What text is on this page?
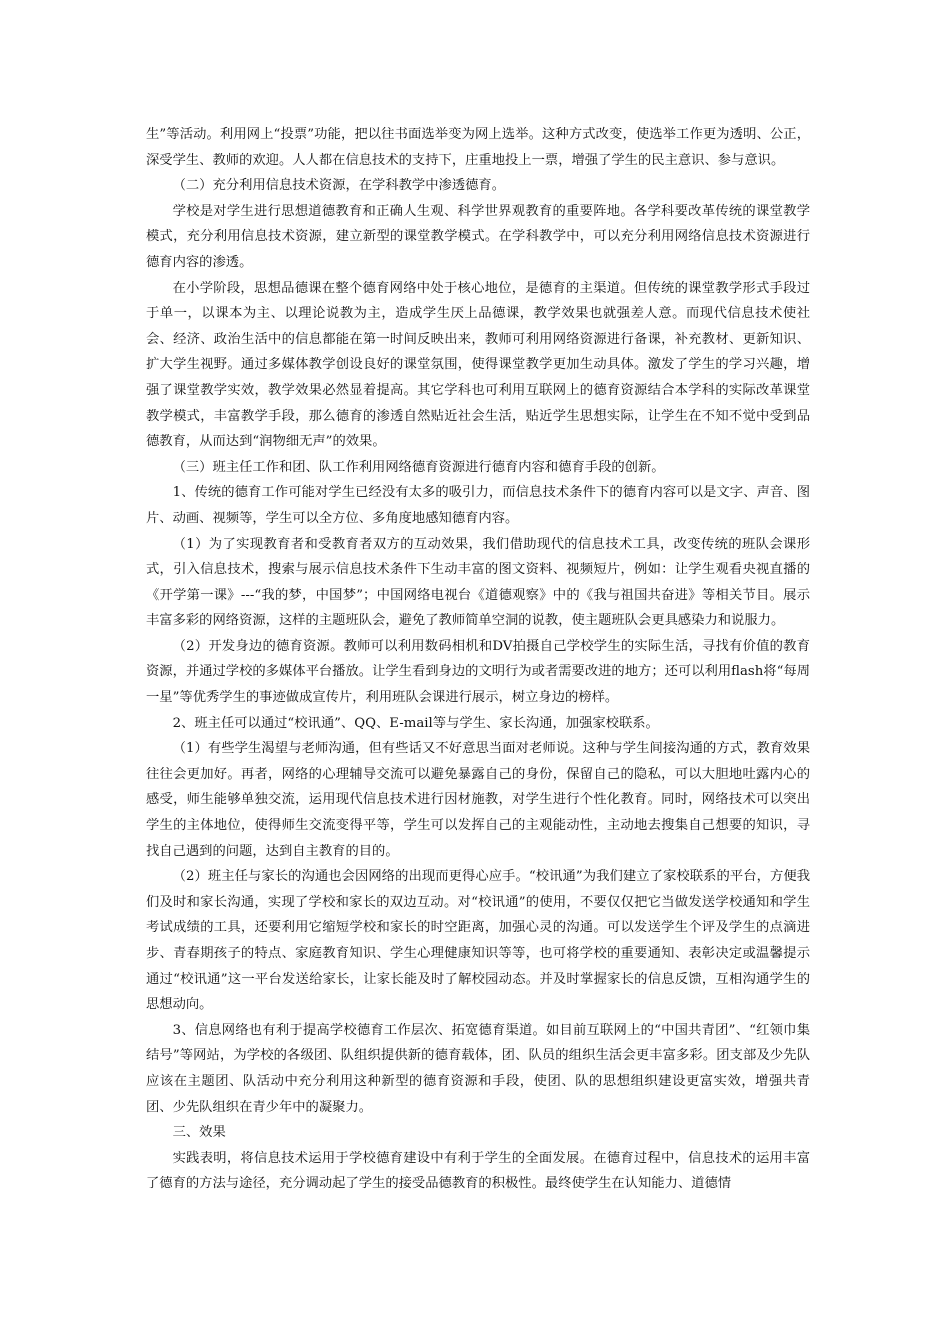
生”等活动。利用网上“投票”功能，把以往书面选举变为网上选举。这种方式改变，使选举工作更为透明、公正，深受学生、教师的欢迎。人人都在信息技术的支持下，庄重地投上一票，增强了学生的民主意识、参与意识。

（二）充分利用信息技术资源，在学科教学中渗透德育。

学校是对学生进行思想道德教育和正确人生观、科学世界观教育的重要阵地。各学科要改革传统的课堂教学模式，充分利用信息技术资源，建立新型的课堂教学模式。在学科教学中，可以充分利用网络信息技术资源进行德育内容的渗透。

在小学阶段，思想品德课在整个德育网络中处于核心地位，是德育的主渠道。但传统的课堂教学形式手段过于单一，以课本为主、以理论说教为主，造成学生厌上品德课，教学效果也就强差人意。而现代信息技术使社会、经济、政治生活中的信息都能在第一时间反映出来，教师可利用网络资源进行备课，补充教材、更新知识、扩大学生视野。通过多媒体教学创设良好的课堂氛围，使得课堂教学更加生动具体。激发了学生的学习兴趣，增强了课堂教学实效，教学效果必然显着提高。其它学科也可利用互联网上的德育资源结合本学科的实际改革课堂教学模式，丰富教学手段，那么德育的渗透自然贴近社会生活，贴近学生思想实际，让学生在不知不觉中受到品德教育，从而达到“润物细无声”的效果。

（三）班主任工作和团、队工作利用网络德育资源进行德育内容和德育手段的创新。

1、传统的德育工作可能对学生已经没有太多的吸引力，而信息技术条件下的德育内容可以是文字、声音、图片、动画、视频等，学生可以全方位、多角度地感知德育内容。

（1）为了实现教育者和受教育者双方的互动效果，我们借助现代的信息技术工具，改变传统的班队会课形式，引入信息技术，搜索与展示信息技术条件下生动丰富的图文资料、视频短片，例如：让学生观看央视直播的《开学第一课》---“我的梦，中国梦”；中国网络电视台《道德观察》中的《我与祖国共奋进》等相关节目。展示丰富多彩的网络资源，这样的主题班队会，避免了教师简单空洞的说教，使主题班队会更具感染力和说服力。

（2）开发身边的德育资源。教师可以利用数码相机和DV拍摄自己学校学生的实际生活，寻找有价值的教育资源，并通过学校的多媒体平台播放。让学生看到身边的文明行为或者需要改进的地方；还可以利用flash将“每周一星”等优秀学生的事迹做成宣传片，利用班队会课进行展示，树立身边的榜样。

2、班主任可以通过“校讯通”、QQ、E-mail等与学生、家长沟通，加强家校联系。

（1）有些学生渴望与老师沟通，但有些话又不好意思当面对老师说。这种与学生间接沟通的方式，教育效果往往会更加好。再者，网络的心理辅导交流可以避免暴露自己的身份，保留自己的隐私，可以大胆地吐露内心的感受，师生能够单独交流，运用现代信息技术进行因材施教，对学生进行个性化教育。同时，网络技术可以突出学生的主体地位，使得师生交流变得平等，学生可以发挥自己的主观能动性，主动地去搜集自己想要的知识，寻找自己遇到的问题，达到自主教育的目的。

（2）班主任与家长的沟通也会因网络的出现而更得心应手。“校讯通”为我们建立了家校联系的平台，方便我们及时和家长沟通，实现了学校和家长的双边互动。对“校讯通”的使用，不要仅仅把它当做发送学校通知和学生考试成绩的工具，还要利用它缩短学校和家长的时空距离，加强心灵的沟通。可以发送学生个评及学生的点滴进步、青春期孩子的特点、家庭教育知识、学生心理健康知识等等，也可将学校的重要通知、表彰决定或温馨提示通过“校讯通”这一平台发送给家长，让家长能及时了解校园动态。并及时掌握家长的信息反馈，互相沟通学生的思想动向。

3、信息网络也有利于提高学校德育工作层次、拓宽德育渠道。如目前互联网上的“中国共青团”、“红领巾集结号”等网站，为学校的各级团、队组织提供新的德育载体，团、队员的组织生活会更丰富多彩。团支部及少先队应该在主题团、队活动中充分利用这种新型的德育资源和手段，使团、队的思想组织建设更富实效，增强共青团、少先队组织在青少年中的凝聚力。

三、效果

实践表明，将信息技术运用于学校德育建设中有利于学生的全面发展。在德育过程中，信息技术的运用丰富了德育的方法与途径，充分调动起了学生的接受品德教育的积极性。最终使学生在认知能力、道德情
